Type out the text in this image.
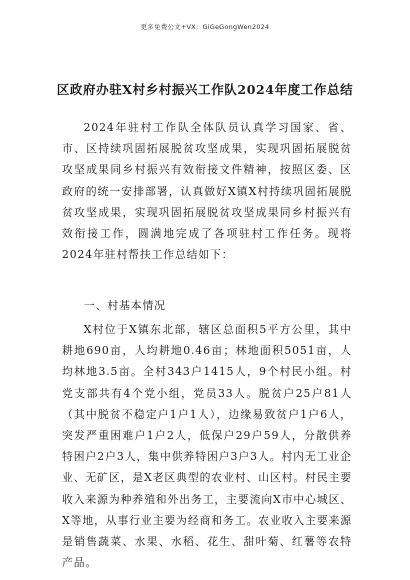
更多免费公文+VX：GiGeGongWen2024
区政府办驻X村乡村振兴工作队2024年度工作总结

2024年驻村工作队全体队员认真学习国家、省、市、区持续巩固拓展脱贫攻坚成果，实现巩固拓展脱贫攻坚成果同乡村振兴有效衔接文件精神，按照区委、区政府的统一安排部署，认真做好X镇X村持续巩固拓展脱贫攻坚成果，实现巩固拓展脱贫攻坚成果同乡村振兴有效衔接工作，圆满地完成了各项驻村工作任务。现将2024年驻村帮扶工作总结如下：

一、村基本情况

X村位于X镇东北部，辖区总面积5平方公里，其中耕地690亩，人均耕地0.46亩；林地面积5051亩，人均林地3.5亩。全村343户1415人，9个村民小组。村党支部共有4个党小组，党员33人。脱贫户25户81人（其中脱贫不稳定户1户1人），边缘易致贫户1户6人，突发严重困难户1户2人，低保户29户59人，分散供养特困户2户3人，集中供养特困户3户3人。村内无工业企业、无矿区，是X老区典型的农业村、山区村。村民主要收入来源为种养殖和外出务工，主要流向X市中心城区、X等地，从事行业主要为经商和务工。农业收入主要来源是销售蔬菜、水果、水稻、花生、甜叶菊、红薯等农特产品。
